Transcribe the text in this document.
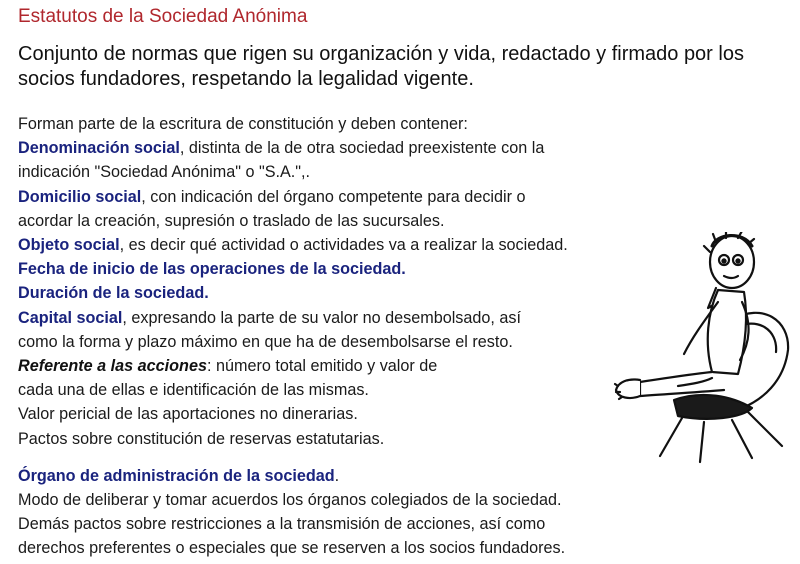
Estatutos de la Sociedad Anónima
Conjunto de normas que rigen su organización y vida, redactado y firmado por los socios fundadores, respetando la legalidad vigente.
Forman parte de la escritura de constitución y deben contener:
Denominación social, distinta de la de otra sociedad preexistente con la
indicación "Sociedad Anónima" o "S.A.",.
Domicilio social, con indicación del órgano competente para decidir o
acordar la creación, supresión o traslado de las sucursales.
Objeto social, es decir qué actividad o actividades va a realizar la sociedad.
Fecha de inicio de las operaciones de la sociedad.
Duración de la sociedad.
Capital social, expresando la parte de su valor no desembolsado, así
como la forma y plazo máximo en que ha de desembolsarse el resto.
Referente a las acciones: número total emitido y valor de
cada una de ellas e identificación de las mismas.
Valor pericial de las aportaciones no dinerarias.
Pactos sobre constitución de reservas estatutarias.
Órgano de administración de la sociedad.
Modo de deliberar y tomar acuerdos los órganos colegiados de la sociedad.
Demás pactos sobre restricciones a la transmisión de acciones, así como
derechos preferentes o especiales que se reserven a los socios fundadores.
